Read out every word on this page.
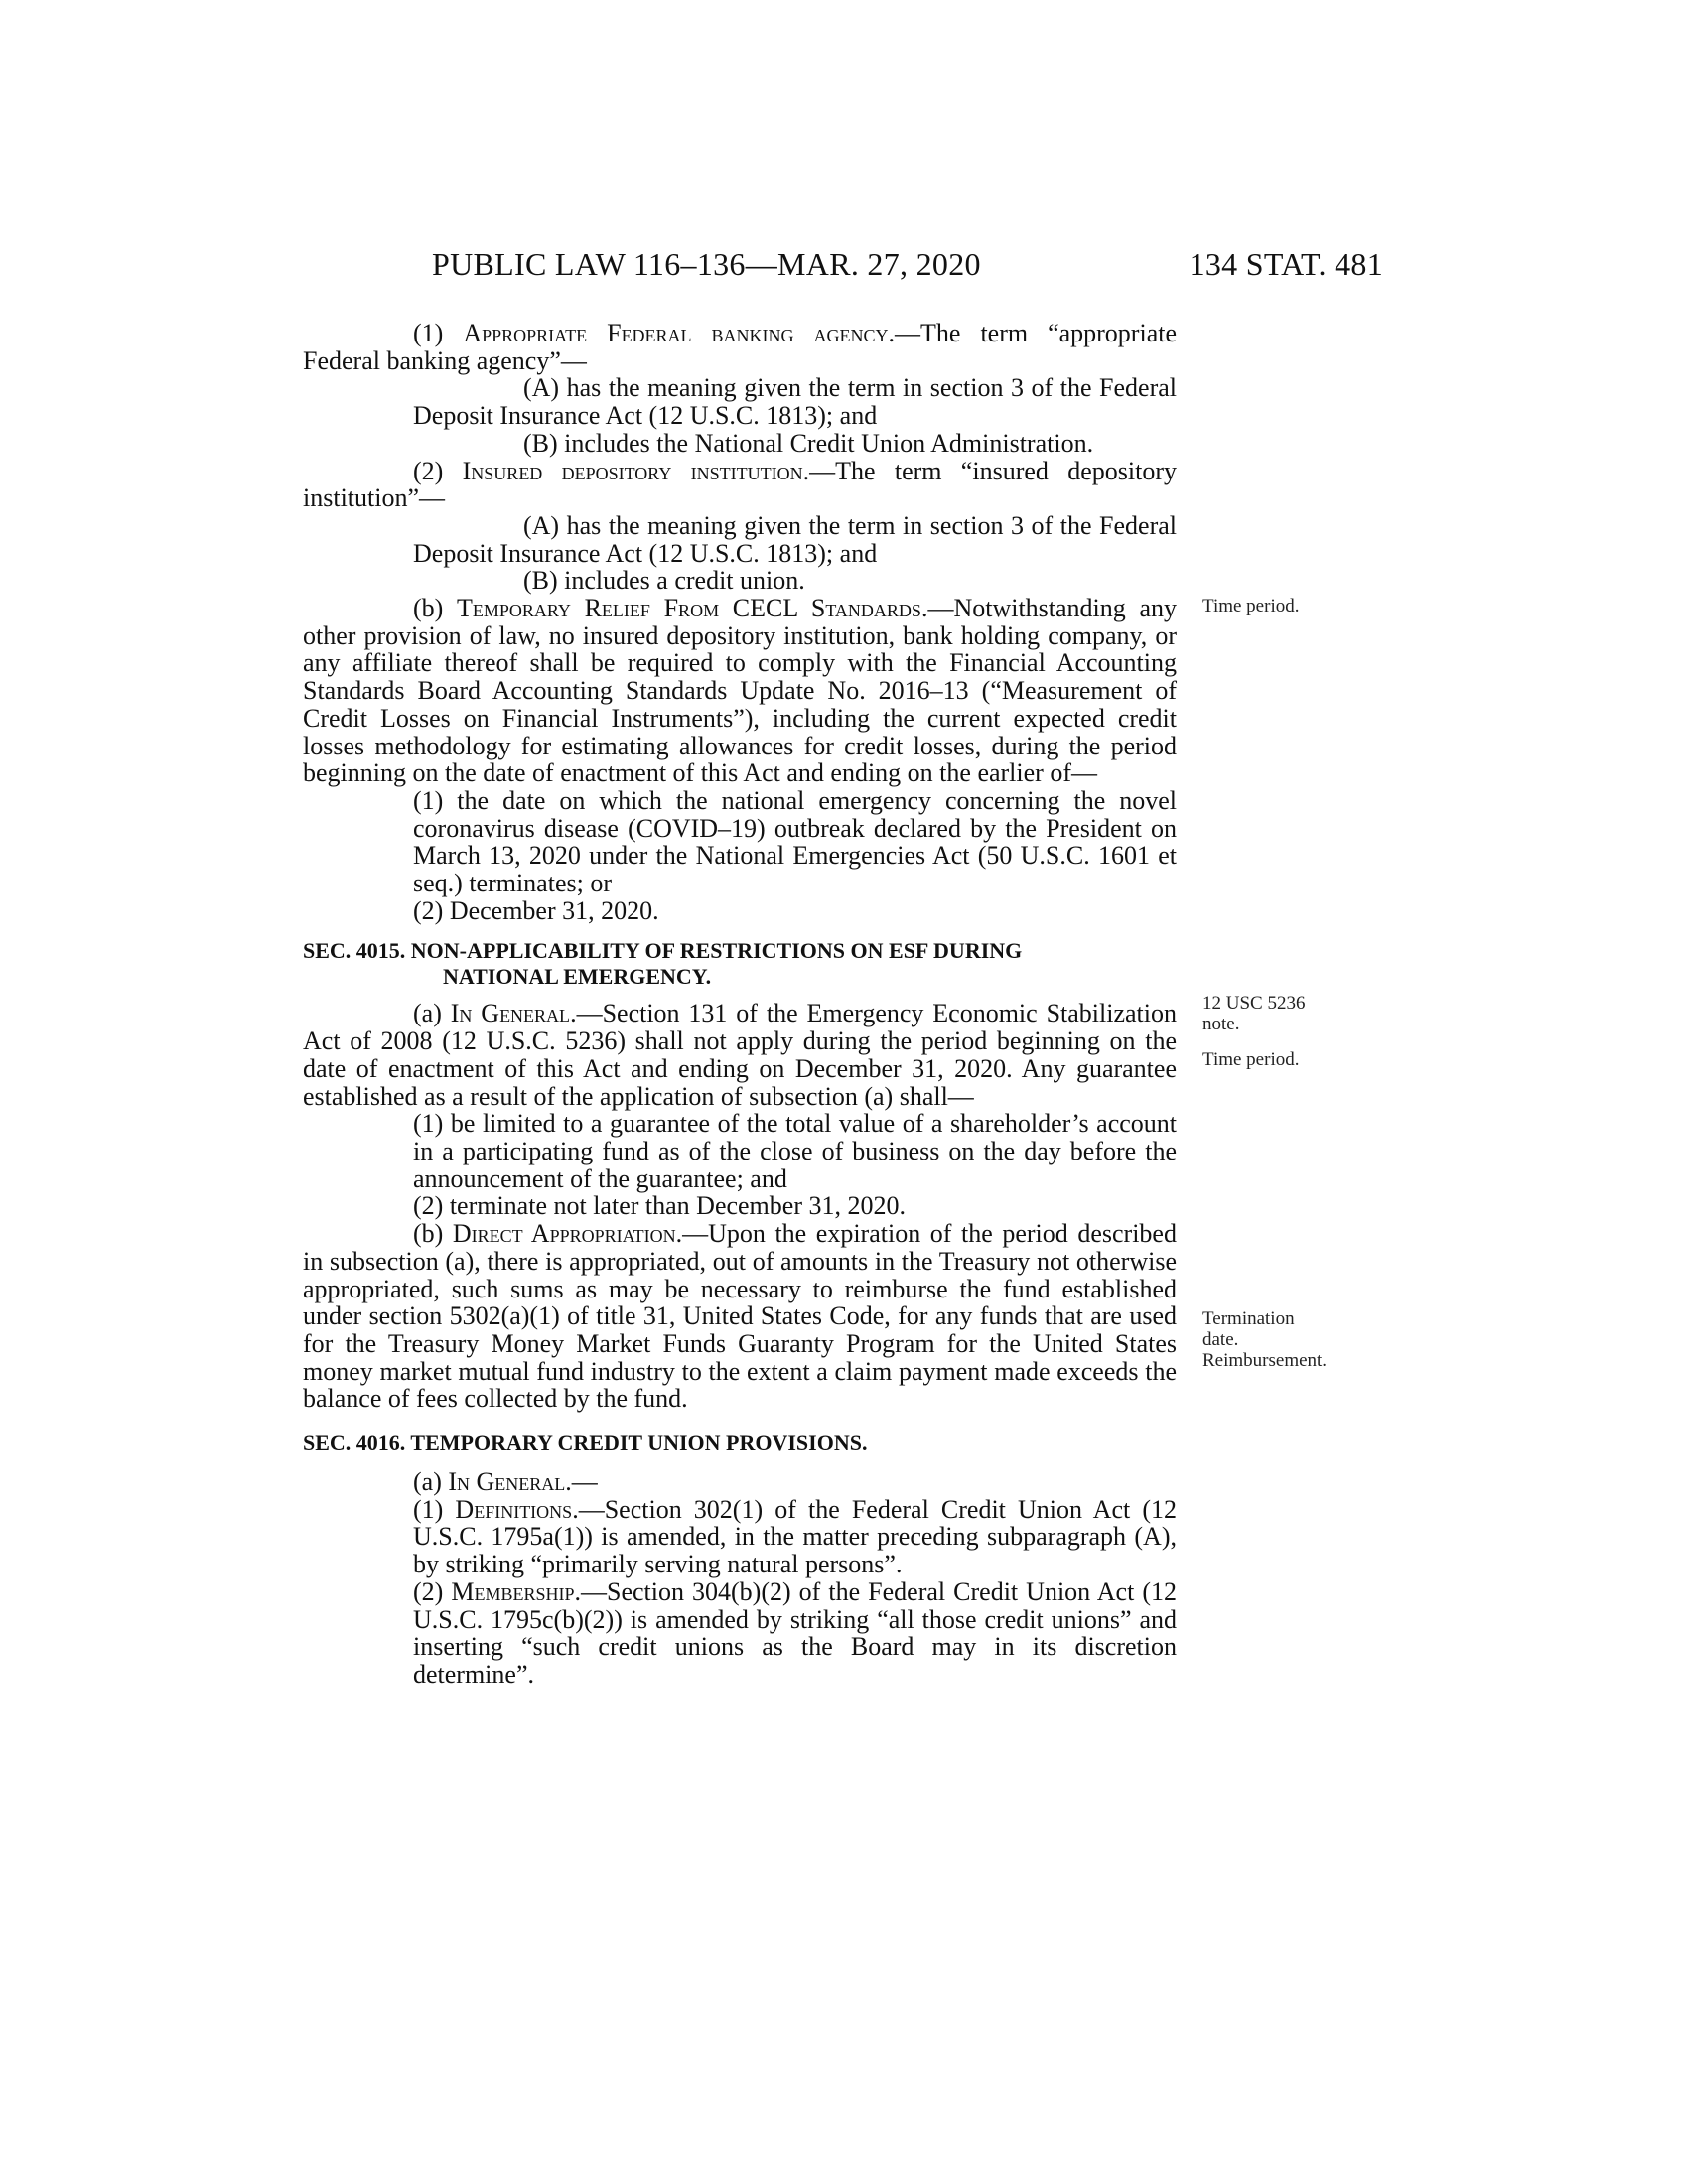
PUBLIC LAW 116–136—MAR. 27, 2020	134 STAT. 481

(1) Appropriate Federal banking agency.—The term “appropriate Federal banking agency”—

(A) has the meaning given the term in section 3 of the Federal Deposit Insurance Act (12 U.S.C. 1813); and

(B) includes the National Credit Union Administration.

(2) Insured depository institution.—The term “insured depository institution”—

(A) has the meaning given the term in section 3 of the Federal Deposit Insurance Act (12 U.S.C. 1813); and

(B) includes a credit union.

(b) Temporary Relief From CECL Standards.—Notwithstanding any other provision of law, no insured depository institution, bank holding company, or any affiliate thereof shall be required to comply with the Financial Accounting Standards Board Accounting Standards Update No. 2016–13 (“Measurement of Credit Losses on Financial Instruments”), including the current expected credit losses methodology for estimating allowances for credit losses, during the period beginning on the date of enactment of this Act and ending on the earlier of—

(1) the date on which the national emergency concerning the novel coronavirus disease (COVID–19) outbreak declared by the President on March 13, 2020 under the National Emergencies Act (50 U.S.C. 1601 et seq.) terminates; or

(2) December 31, 2020.

SEC. 4015. NON-APPLICABILITY OF RESTRICTIONS ON ESF DURING
NATIONAL EMERGENCY.

(a) In General.—Section 131 of the Emergency Economic Stabilization Act of 2008 (12 U.S.C. 5236) shall not apply during the period beginning on the date of enactment of this Act and ending on December 31, 2020. Any guarantee established as a result of the application of subsection (a) shall—

(1) be limited to a guarantee of the total value of a shareholder’s account in a participating fund as of the close of business on the day before the announcement of the guarantee; and

(2) terminate not later than December 31, 2020.

(b) Direct Appropriation.—Upon the expiration of the period described in subsection (a), there is appropriated, out of amounts in the Treasury not otherwise appropriated, such sums as may be necessary to reimburse the fund established under section 5302(a)(1) of title 31, United States Code, for any funds that are used for the Treasury Money Market Funds Guaranty Program for the United States money market mutual fund industry to the extent a claim payment made exceeds the balance of fees collected by the fund.

SEC. 4016. TEMPORARY CREDIT UNION PROVISIONS.

(a) In General.—

(1) Definitions.—Section 302(1) of the Federal Credit Union Act (12 U.S.C. 1795a(1)) is amended, in the matter preceding subparagraph (A), by striking “primarily serving natural persons”.

(2) Membership.—Section 304(b)(2) of the Federal Credit Union Act (12 U.S.C. 1795c(b)(2)) is amended by striking “all those credit unions” and inserting “such credit unions as the Board may in its discretion determine”.

Time period.
12 USC 5236
note.
Time period.
Termination
date.
Reimbursement.
